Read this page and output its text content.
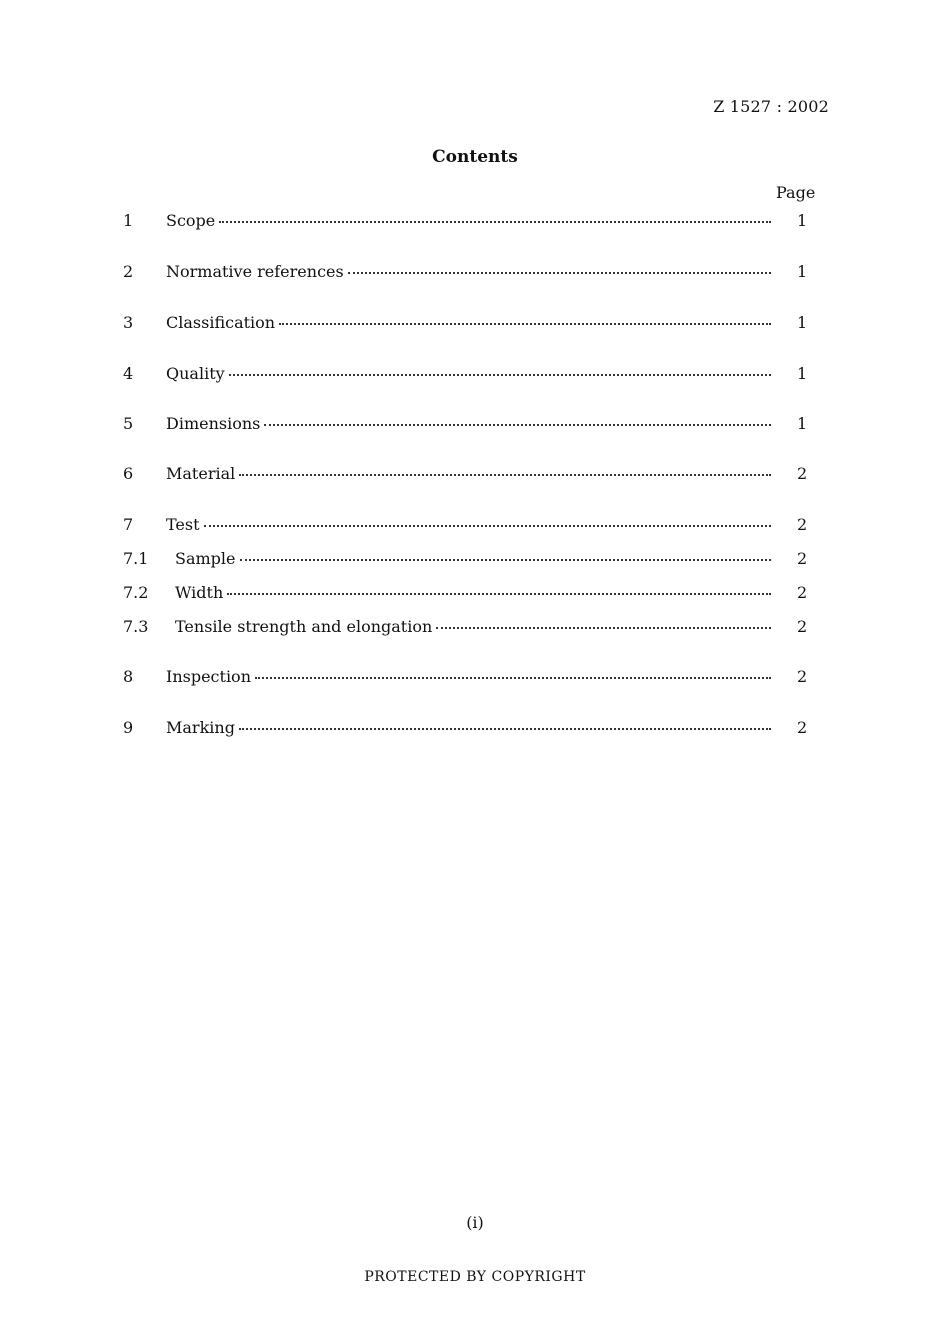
Z 1527 : 2002
Contents
Page
1 Scope	1
2 Normative references	1
3 Classification	1
4 Quality	1
5 Dimensions	1
6 Material	2
7 Test	2
7.1 Sample	2
7.2 Width	2
7.3 Tensile strength and elongation	2
8 Inspection	2
9 Marking	2
(i)
PROTECTED BY COPYRIGHT
